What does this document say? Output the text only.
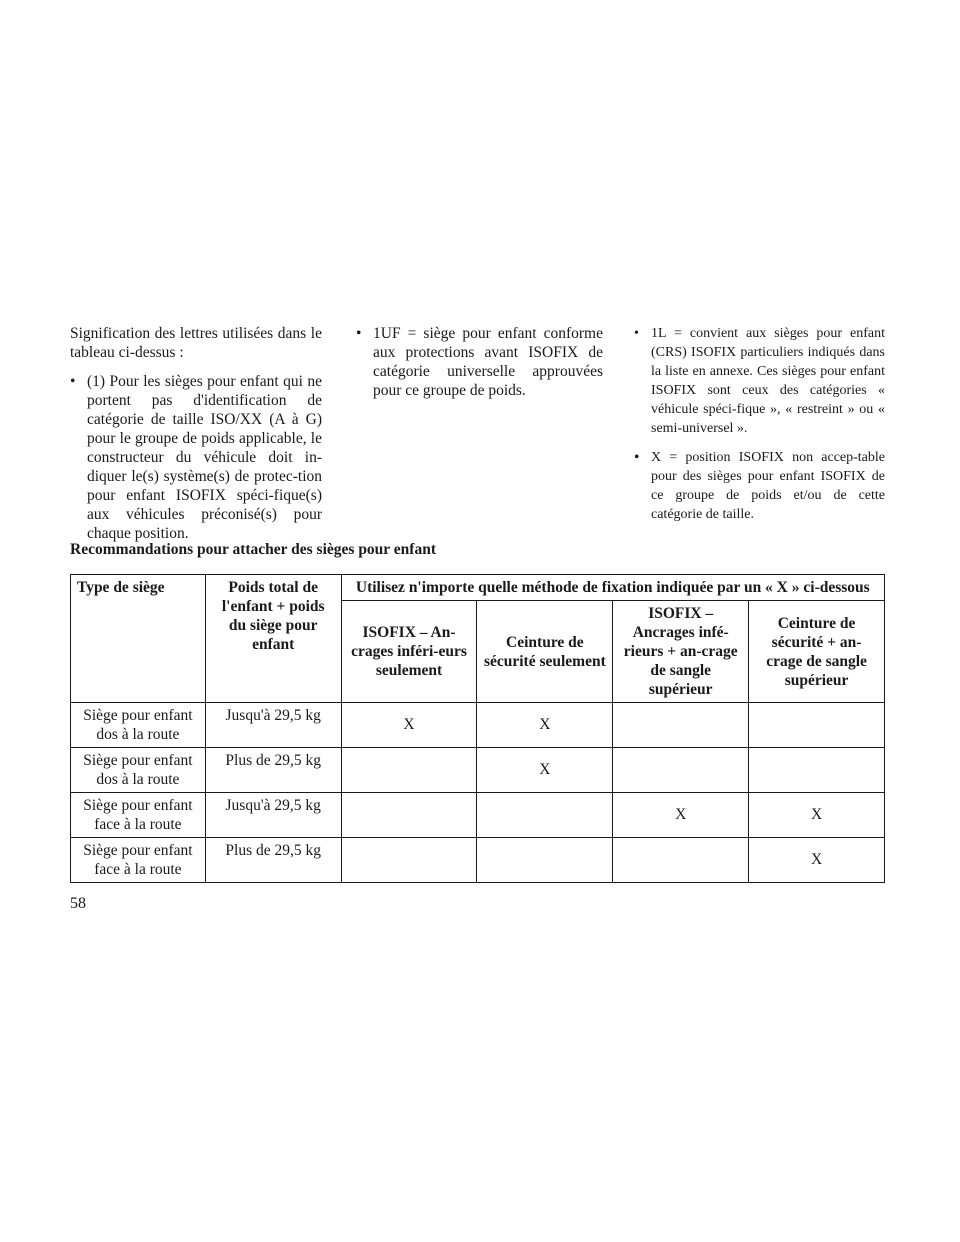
Signification des lettres utilisées dans le tableau ci-dessus :

• (1) Pour les sièges pour enfant qui ne portent pas d'identification de catégorie de taille ISO/XX (A à G) pour le groupe de poids applicable, le constructeur du véhicule doit in-diquer le(s) système(s) de protec-tion pour enfant ISOFIX spéci-fique(s) aux véhicules préconisé(s) pour chaque position.
• 1UF = siège pour enfant conforme aux protections avant ISOFIX de catégorie universelle approuvées pour ce groupe de poids.
• 1L = convient aux sièges pour enfant (CRS) ISOFIX particuliers indiqués dans la liste en annexe. Ces sièges pour enfant ISOFIX sont ceux des catégories « véhicule spéci-fique », « restreint » ou « semi-universel ».
• X = position ISOFIX non accep-table pour des sièges pour enfant ISOFIX de ce groupe de poids et/ou de cette catégorie de taille.
Recommandations pour attacher des sièges pour enfant
Type de siège	Poids total de l'enfant + poids du siège pour enfant	Utilisez n'importe quelle méthode de fixation indiquée par un « X » ci-dessous			
		ISOFIX – An-crages inféri-eurs seulement	Ceinture de sécurité seulement	ISOFIX – Ancrages infé-rieurs + an-crage de sangle supérieur	Ceinture de sécurité + an-crage de sangle supérieur
Siège pour enfant dos à la route	Jusqu'à 29,5 kg	X	X		
Siège pour enfant dos à la route	Plus de 29,5 kg		X		
Siège pour enfant face à la route	Jusqu'à 29,5 kg			X	X
Siège pour enfant face à la route	Plus de 29,5 kg				X

58
